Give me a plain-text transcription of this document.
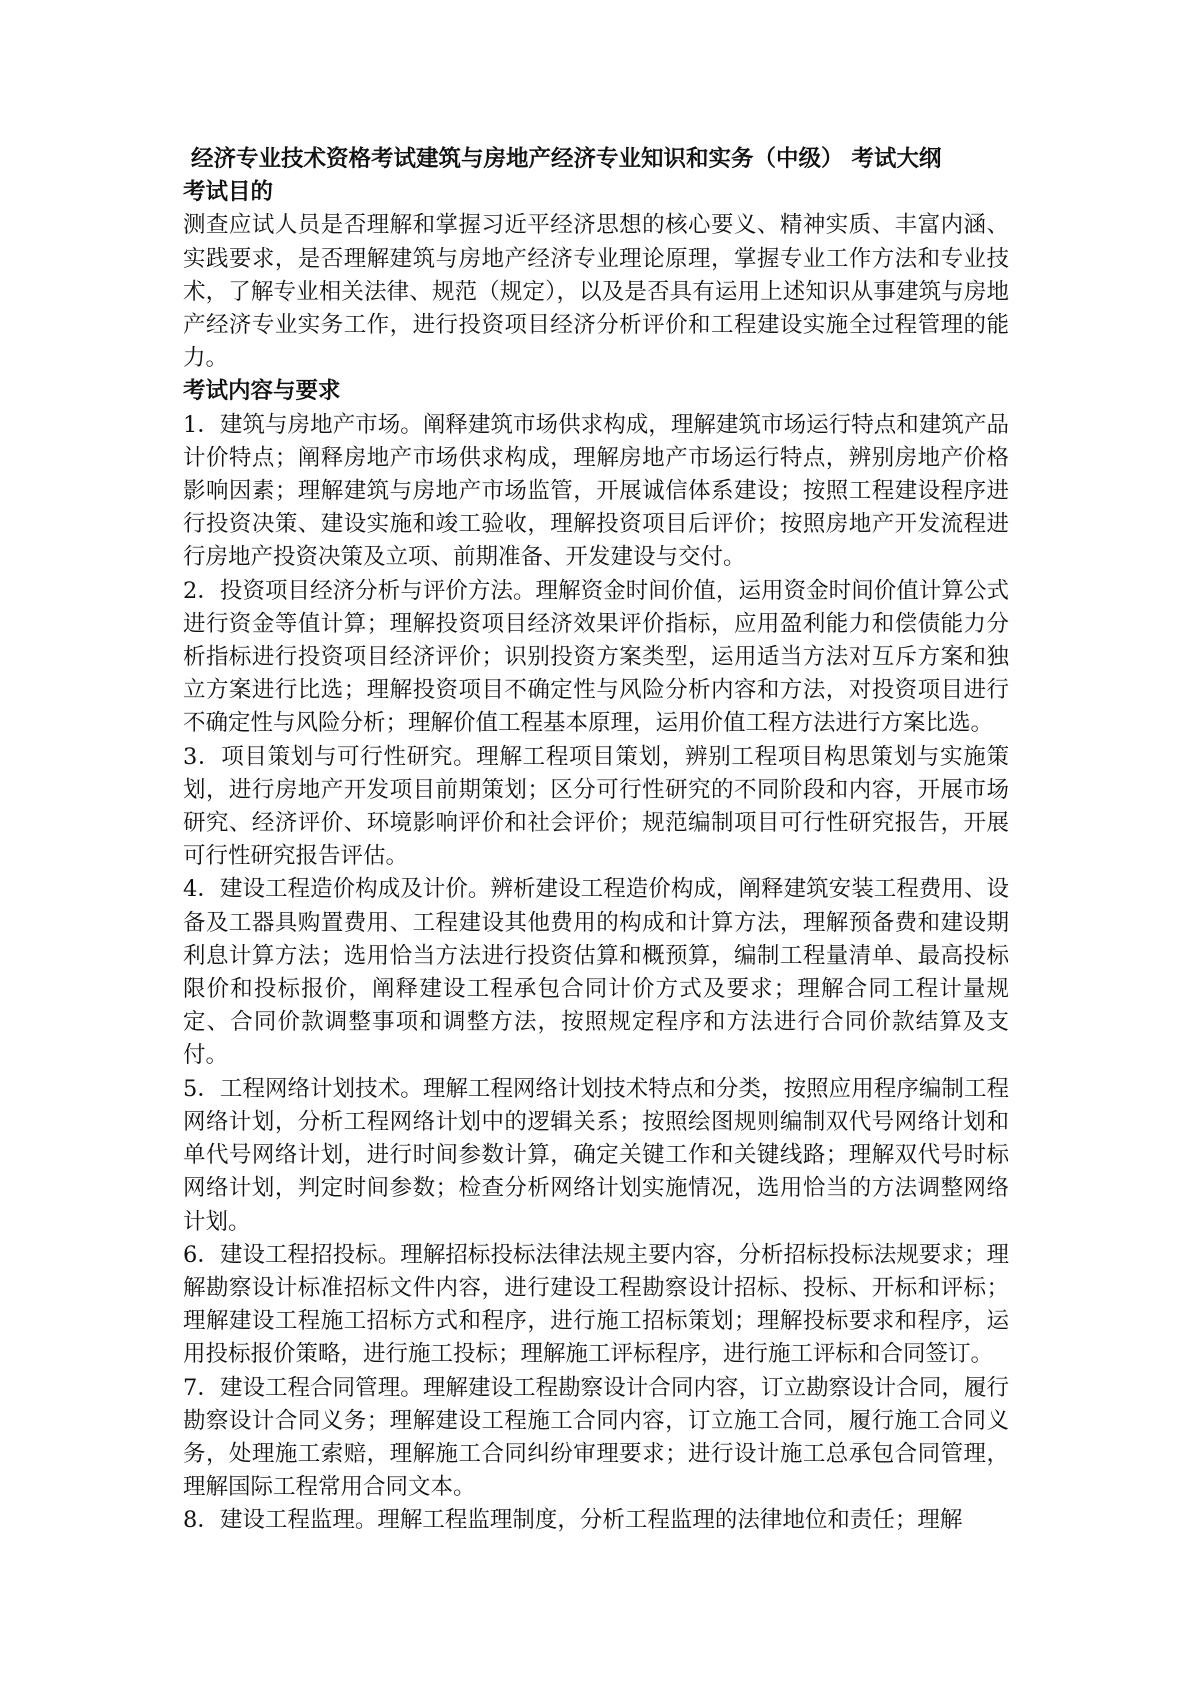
经济专业技术资格考试建筑与房地产经济专业知识和实务（中级） 考试大纲
考试目的

测查应试人员是否理解和掌握习近平经济思想的核心要义、精神实质、丰富内涵、实践要求，是否理解建筑与房地产经济专业理论原理，掌握专业工作方法和专业技术，了解专业相关法律、规范（规定），以及是否具有运用上述知识从事建筑与房地产经济专业实务工作，进行投资项目经济分析评价和工程建设实施全过程管理的能力。

考试内容与要求

1．建筑与房地产市场。阐释建筑市场供求构成，理解建筑市场运行特点和建筑产品计价特点；阐释房地产市场供求构成，理解房地产市场运行特点，辨别房地产价格影响因素；理解建筑与房地产市场监管，开展诚信体系建设；按照工程建设程序进行投资决策、建设实施和竣工验收，理解投资项目后评价；按照房地产开发流程进行房地产投资决策及立项、前期准备、开发建设与交付。

2．投资项目经济分析与评价方法。理解资金时间价值，运用资金时间价值计算公式进行资金等值计算；理解投资项目经济效果评价指标，应用盈利能力和偿债能力分析指标进行投资项目经济评价；识别投资方案类型，运用适当方法对互斥方案和独立方案进行比选；理解投资项目不确定性与风险分析内容和方法，对投资项目进行不确定性与风险分析；理解价值工程基本原理，运用价值工程方法进行方案比选。

3．项目策划与可行性研究。理解工程项目策划，辨别工程项目构思策划与实施策划，进行房地产开发项目前期策划；区分可行性研究的不同阶段和内容，开展市场研究、经济评价、环境影响评价和社会评价；规范编制项目可行性研究报告，开展可行性研究报告评估。

4．建设工程造价构成及计价。辨析建设工程造价构成，阐释建筑安装工程费用、设备及工器具购置费用、工程建设其他费用的构成和计算方法，理解预备费和建设期利息计算方法；选用恰当方法进行投资估算和概预算，编制工程量清单、最高投标限价和投标报价，阐释建设工程承包合同计价方式及要求；理解合同工程计量规定、合同价款调整事项和调整方法，按照规定程序和方法进行合同价款结算及支付。

5．工程网络计划技术。理解工程网络计划技术特点和分类，按照应用程序编制工程网络计划，分析工程网络计划中的逻辑关系；按照绘图规则编制双代号网络计划和单代号网络计划，进行时间参数计算，确定关键工作和关键线路；理解双代号时标网络计划，判定时间参数；检查分析网络计划实施情况，选用恰当的方法调整网络计划。

6．建设工程招投标。理解招标投标法律法规主要内容，分析招标投标法规要求；理解勘察设计标准招标文件内容，进行建设工程勘察设计招标、投标、开标和评标；理解建设工程施工招标方式和程序，进行施工招标策划；理解投标要求和程序，运用投标报价策略，进行施工投标；理解施工评标程序，进行施工评标和合同签订。

7．建设工程合同管理。理解建设工程勘察设计合同内容，订立勘察设计合同，履行勘察设计合同义务；理解建设工程施工合同内容，订立施工合同，履行施工合同义务，处理施工索赔，理解施工合同纠纷审理要求；进行设计施工总承包合同管理，理解国际工程常用合同文本。

8．建设工程监理。理解工程监理制度，分析工程监理的法律地位和责任；理解
